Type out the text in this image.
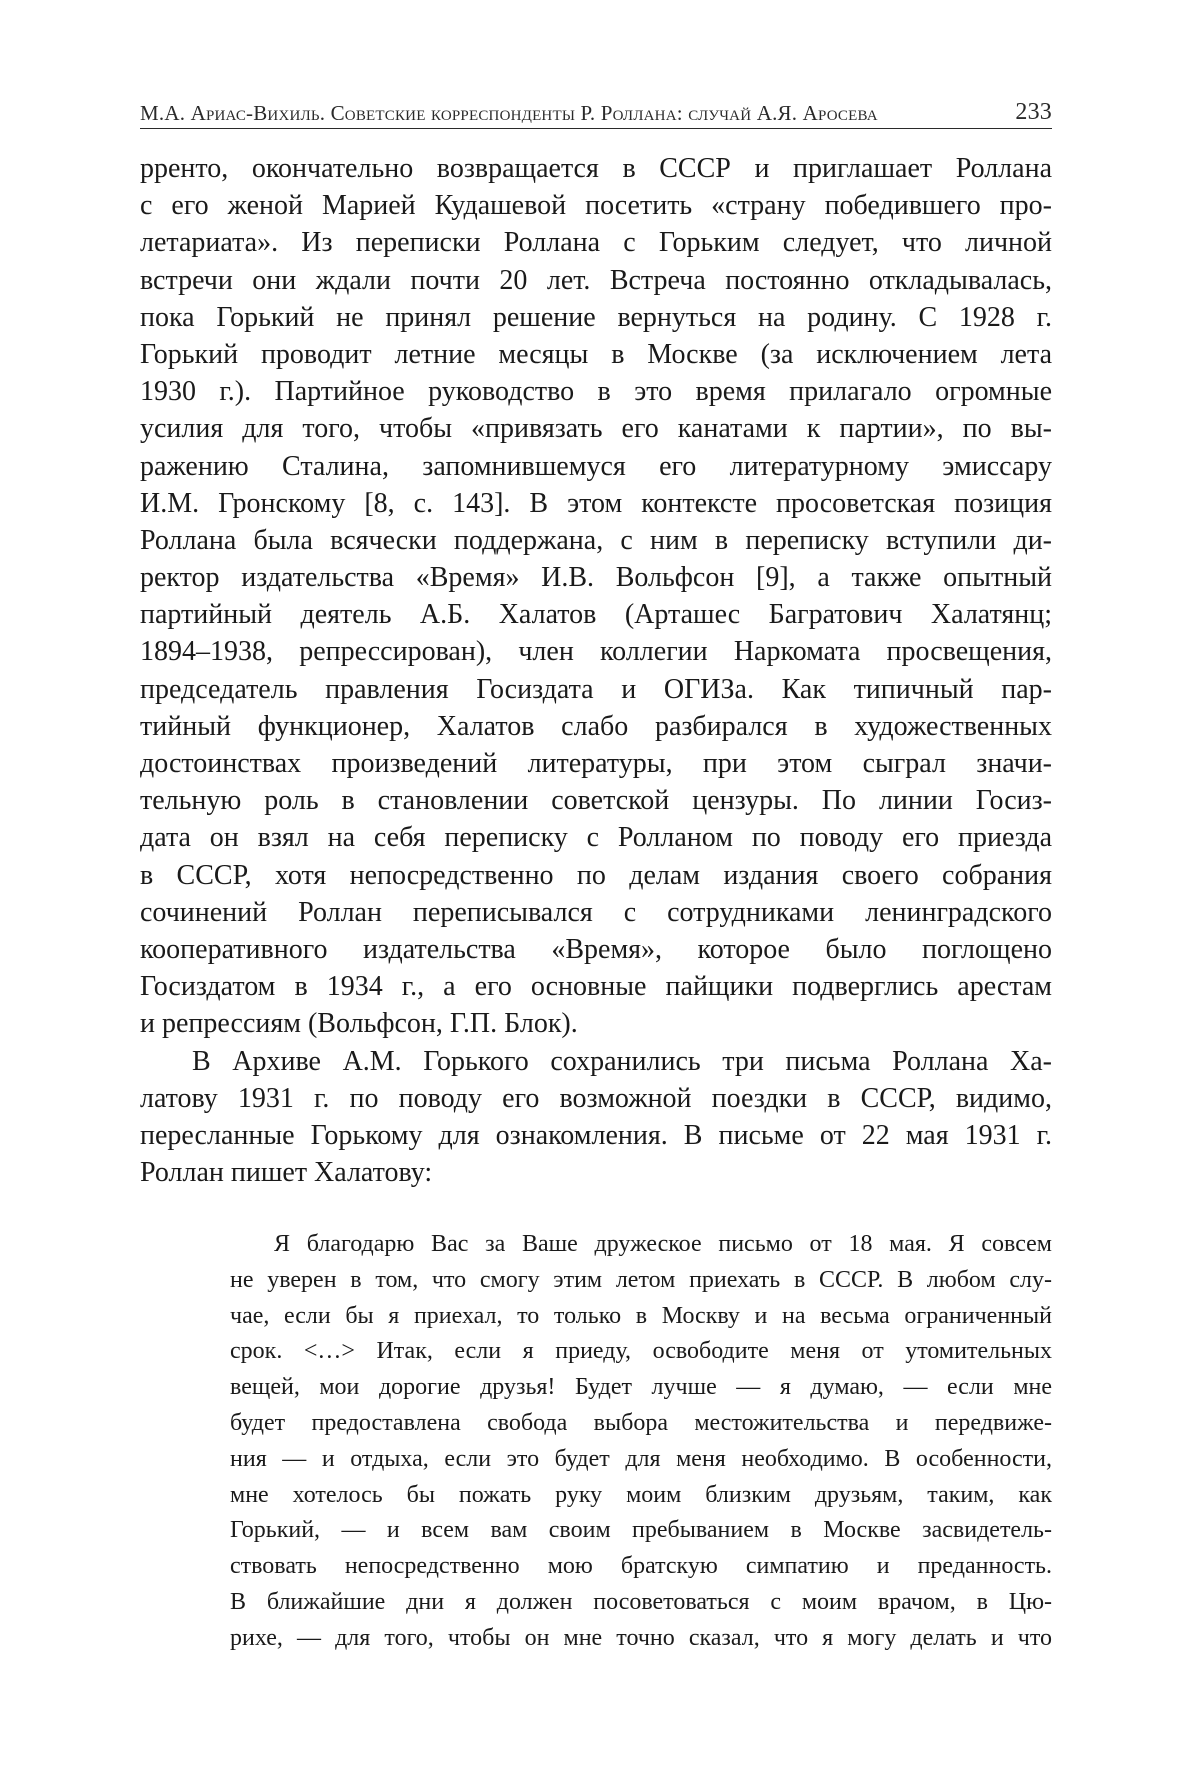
М.А. Ариас-Вихиль. Советские корреспонденты Р. Роллана: случай А.Я. Аросева	233
рренто, окончательно возвращается в СССР и приглашает Роллана
с его женой Марией Кудашевой посетить «страну победившего про-
летариата». Из переписки Роллана с Горьким следует, что личной
встречи они ждали почти 20 лет. Встреча постоянно откладывалась,
пока Горький не принял решение вернуться на родину. С 1928 г.
Горький проводит летние месяцы в Москве (за исключением лета
1930 г.). Партийное руководство в это время прилагало огромные
усилия для того, чтобы «привязать его канатами к партии», по вы-
ражению Сталина, запомнившемуся его литературному эмиссару
И.М. Гронскому [8, с. 143]. В этом контексте просоветская позиция
Роллана была всячески поддержана, с ним в переписку вступили ди-
ректор издательства «Время» И.В. Вольфсон [9], а также опытный
партийный деятель А.Б. Халатов (Арташес Багратович Халатянц;
1894–1938, репрессирован), член коллегии Наркомата просвещения,
председатель правления Госиздата и ОГИЗа. Как типичный пар-
тийный функционер, Халатов слабо разбирался в художественных
достоинствах произведений литературы, при этом сыграл значи-
тельную роль в становлении советской цензуры. По линии Госиз-
дата он взял на себя переписку с Ролланом по поводу его приезда
в СССР, хотя непосредственно по делам издания своего собрания
сочинений Роллан переписывался с сотрудниками ленинградского
кооперативного издательства «Время», которое было поглощено
Госиздатом в 1934 г., а его основные пайщики подверглись арестам
и репрессиям (Вольфсон, Г.П. Блок).
В Архиве А.М. Горького сохранились три письма Роллана Ха-
латову 1931 г. по поводу его возможной поездки в СССР, видимо,
пересланные Горькому для ознакомления. В письме от 22 мая 1931 г.
Роллан пишет Халатову:
Я благодарю Вас за Ваше дружеское письмо от 18 мая. Я совсем
не уверен в том, что смогу этим летом приехать в СССР. В любом слу-
чае, если бы я приехал, то только в Москву и на весьма ограниченный
срок. <…> Итак, если я приеду, освободите меня от утомительных
вещей, мои дорогие друзья! Будет лучше — я думаю, — если мне
будет предоставлена свобода выбора местожительства и передвиже-
ния — и отдыха, если это будет для меня необходимо. В особенности,
мне хотелось бы пожать руку моим близким друзьям, таким, как
Горький, — и всем вам своим пребыванием в Москве засвидетель-
ствовать непосредственно мою братскую симпатию и преданность.
В ближайшие дни я должен посоветоваться с моим врачом, в Цю-
рихе, — для того, чтобы он мне точно сказал, что я могу делать и что
